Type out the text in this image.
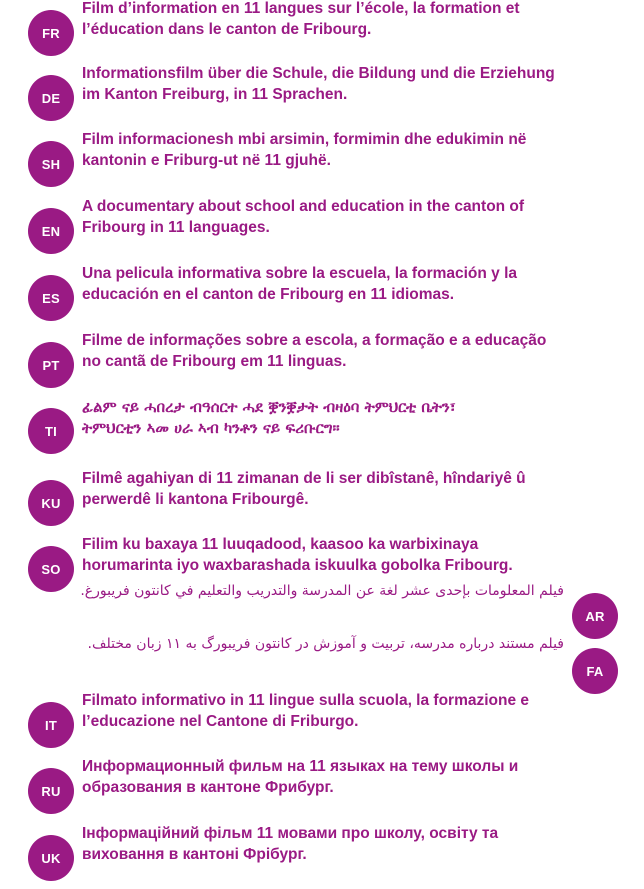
FR
Film d’information en 11 langues sur l’école, la formation et
l’éducation dans le canton de Fribourg.
DE
Informationsfilm über die Schule, die Bildung und die Erziehung
im Kanton Freiburg, in 11 Sprachen.
SH
Film informacionesh mbi arsimin, formimin dhe edukimin në
kantonin e Friburg-ut në 11 gjuhë.
EN
A documentary about school and education in the canton of
Fribourg in 11 languages.
ES
Una pelicula informativa sobre la escuela, la formación y la
educación en el canton de Fribourg en 11 idiomas.
PT
Filme de informações sobre a escola, a formação e a educação
no cantã de Fribourg em 11 linguas.
TI
ፊልም ናይ ሓበረታ ብዓሰርተ ሓደ ቛንቛታት ብዛዕባ ትምህርቲ ቤትን፣
ትምህርቲን ኣመ ሀራ ኣብ ካንቶን ናይ ፍሪቡርግ።
KU
Filmê agahiyan di 11 zimanan de li ser dibîstanê, hîndariyê û
perwerdê li kantona Fribourgê.
SO
Filim ku baxaya 11 luuqadood, kaasoo ka warbixinaya
horumarinta iyo waxbarashada iskuulka gobolka Fribourg.
AR
فيلم المعلومات بإحدى عشر لغة عن المدرسة والتدريب والتعليم في كانتون فريبورغ.
FA
فیلم مستند درباره مدرسه، تربیت و آموزش در کانتون فریبورگ به ۱۱ زبان مختلف.
IT
Filmato informativo in 11 lingue sulla scuola, la formazione e
l’educazione nel Cantone di Friburgo.
RU
Информационный фильм на 11 языках на тему школы и
образования в кантоне Фрибург.
UK
Інформаційний фільм 11 мовами про школу, освіту та
виховання в кантоні Фрібург.
